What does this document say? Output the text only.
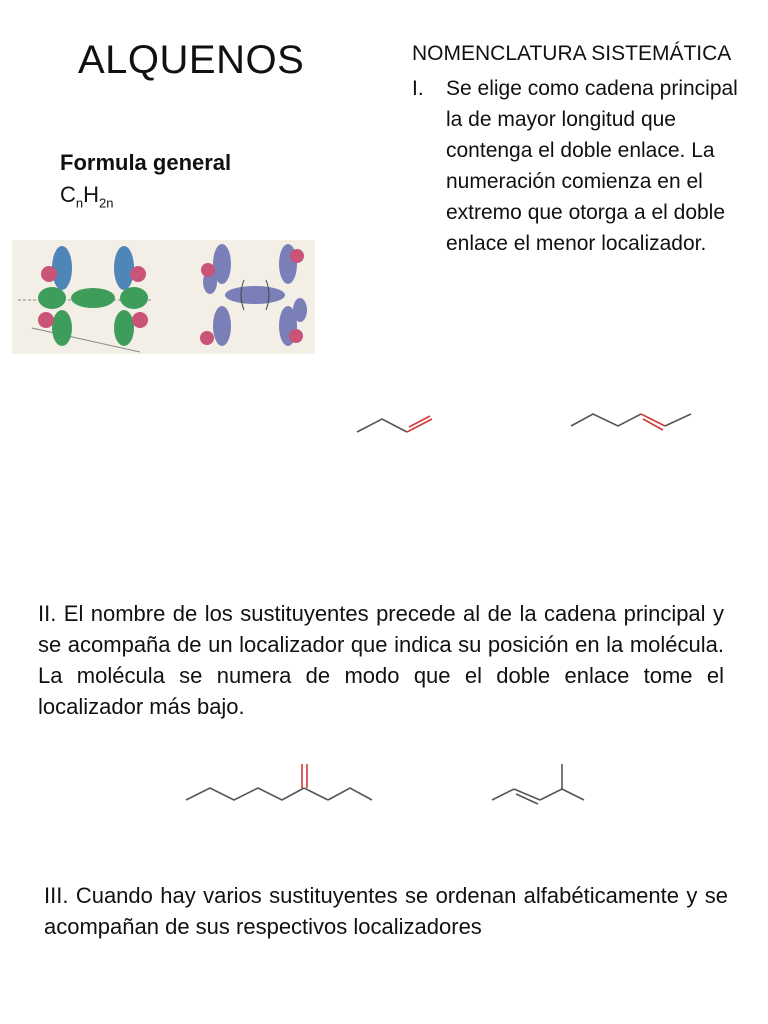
ALQUENOS
Formula general
$C_nH_{2n}$
NOMENCLATURA SISTEMÁTICA
I. Se elige como cadena principal la de mayor longitud que contenga el doble enlace. La numeración comienza en el extremo que otorga a el doble enlace el menor localizador.
II. El nombre de los sustituyentes precede al de la cadena principal y se acompaña de un localizador que indica su posición en la molécula. La molécula se numera de modo que el doble enlace tome el localizador más bajo.
III. Cuando hay varios sustituyentes se ordenan alfabéticamente y se acompañan de sus respectivos localizadores
